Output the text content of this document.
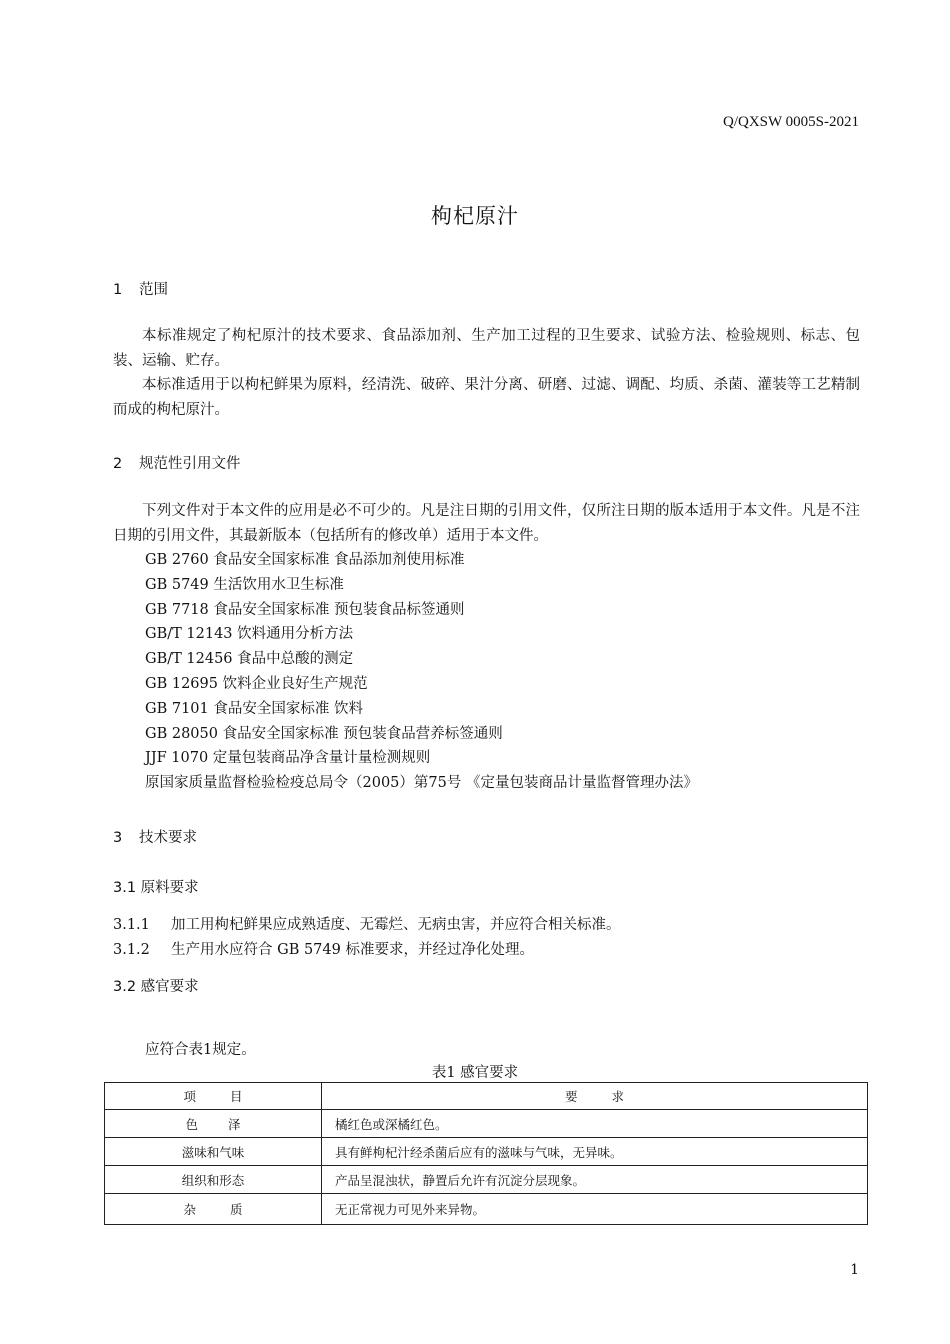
Q/QXSW 0005S-2021
枸杞原汁
1 范围
本标准规定了枸杞原汁的技术要求、食品添加剂、生产加工过程的卫生要求、试验方法、检验规则、标志、包装、运输、贮存。
本标准适用于以枸杞鲜果为原料，经清洗、破碎、果汁分离、研磨、过滤、调配、均质、杀菌、灌装等工艺精制而成的枸杞原汁。
2 规范性引用文件
下列文件对于本文件的应用是必不可少的。凡是注日期的引用文件，仅所注日期的版本适用于本文件。凡是不注日期的引用文件，其最新版本（包括所有的修改单）适用于本文件。
GB 2760 食品安全国家标准 食品添加剂使用标准
GB 5749 生活饮用水卫生标准
GB 7718 食品安全国家标准 预包装食品标签通则
GB/T 12143 饮料通用分析方法
GB/T 12456 食品中总酸的测定
GB 12695 饮料企业良好生产规范
GB 7101 食品安全国家标准 饮料
GB 28050 食品安全国家标准 预包装食品营养标签通则
JJF 1070 定量包装商品净含量计量检测规则
原国家质量监督检验检疫总局令（2005）第75号 《定量包装商品计量监督管理办法》
3 技术要求
3.1 原料要求
3.1.1 加工用枸杞鲜果应成熟适度、无霉烂、无病虫害，并应符合相关标准。
3.1.2 生产用水应符合 GB 5749 标准要求，并经过净化处理。
3.2 感官要求
应符合表1规定。
表1 感官要求
项目	要求
色泽	橘红色或深橘红色。
滋味和气味	具有鲜枸杞汁经杀菌后应有的滋味与气味，无异味。
组织和形态	产品呈混浊状，静置后允许有沉淀分层现象。
杂质	无正常视力可见外来异物。
1
